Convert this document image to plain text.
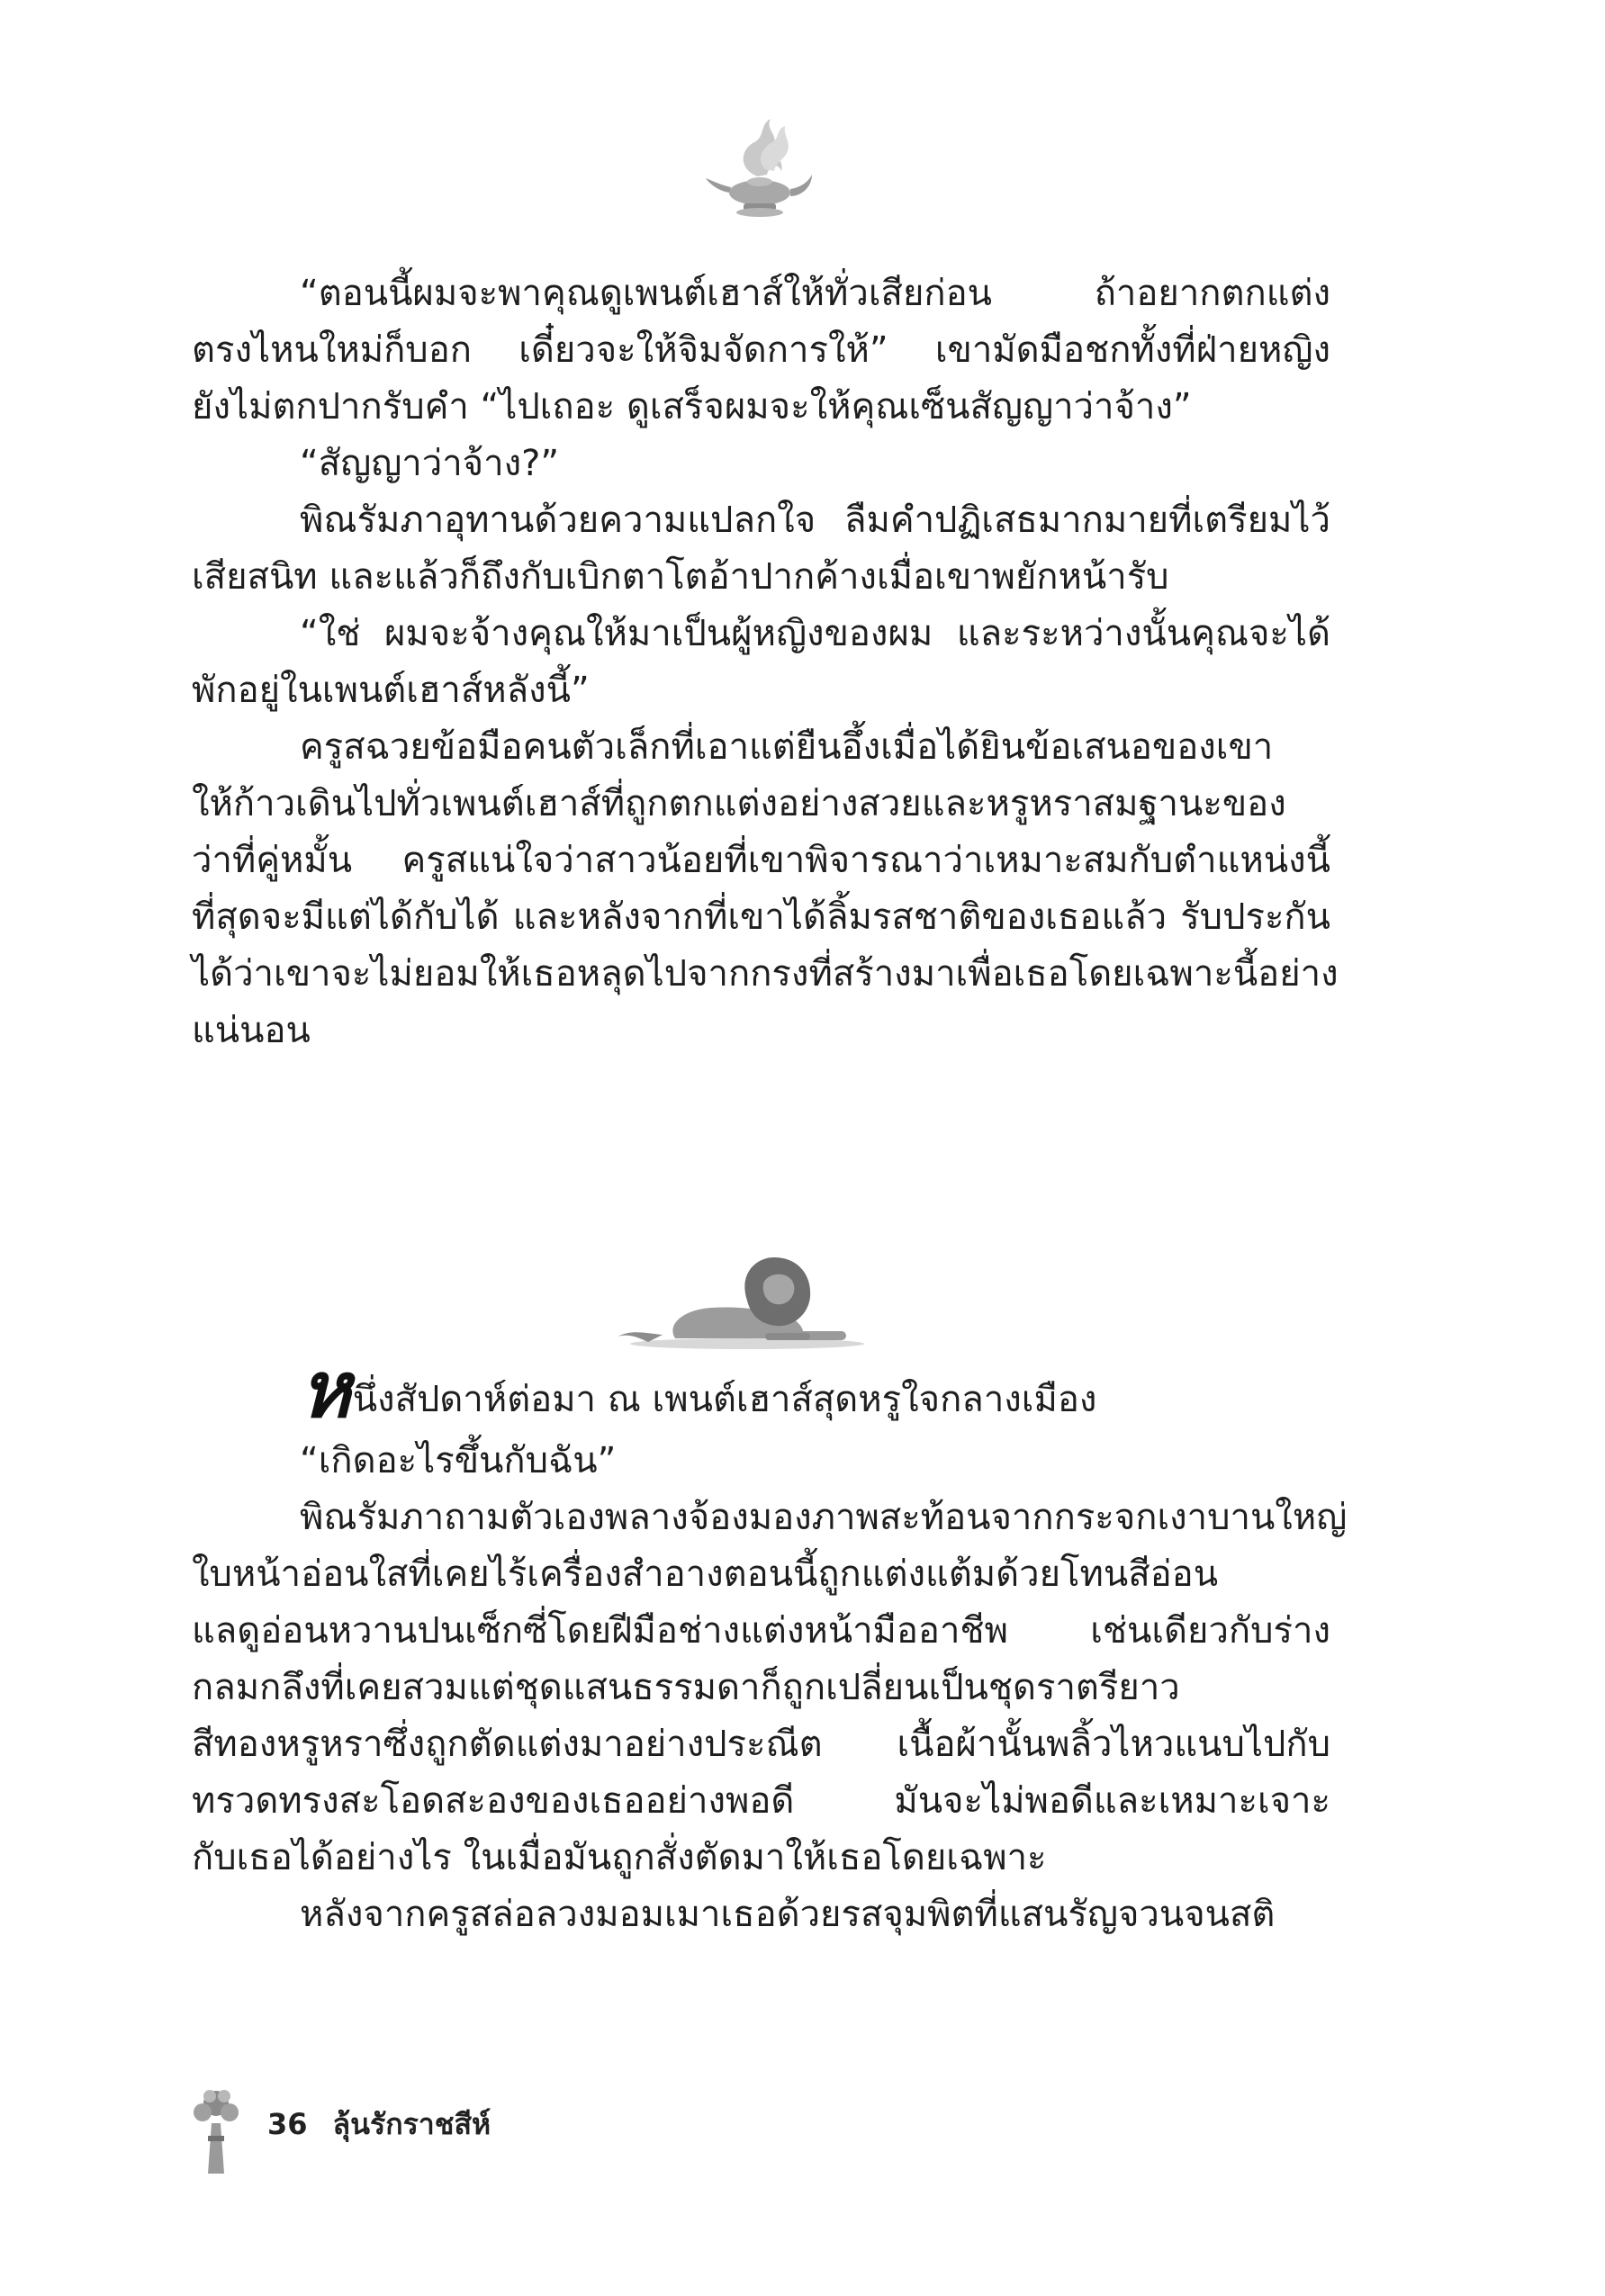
“ตอนนี้ผมจะพาคุณดูเพนต์เฮาส์ให้ทั่วเสียก่อน ถ้าอยากตกแต่ง
ตรงไหนใหม่ก็บอก เดี๋ยวจะให้จิมจัดการให้” เขามัดมือชกทั้งที่ฝ่ายหญิง
ยังไม่ตกปากรับคำ “ไปเถอะ ดูเสร็จผมจะให้คุณเซ็นสัญญาว่าจ้าง”
“สัญญาว่าจ้าง?”
พิณรัมภาอุทานด้วยความแปลกใจ ลืมคำปฏิเสธมากมายที่เตรียมไว้
เสียสนิท และแล้วก็ถึงกับเบิกตาโตอ้าปากค้างเมื่อเขาพยักหน้ารับ
“ใช่ ผมจะจ้างคุณให้มาเป็นผู้หญิงของผม และระหว่างนั้นคุณจะได้
พักอยู่ในเพนต์เฮาส์หลังนี้”
ครูสฉวยข้อมือคนตัวเล็กที่เอาแต่ยืนอึ้งเมื่อได้ยินข้อเสนอของเขา
ให้ก้าวเดินไปทั่วเพนต์เฮาส์ที่ถูกตกแต่งอย่างสวยและหรูหราสมฐานะของ
ว่าที่คู่หมั้น ครูสแน่ใจว่าสาวน้อยที่เขาพิจารณาว่าเหมาะสมกับตำแหน่งนี้
ที่สุดจะมีแต่ได้กับได้ และหลังจากที่เขาได้ลิ้มรสชาติของเธอแล้ว รับประกัน
ได้ว่าเขาจะไม่ยอมให้เธอหลุดไปจากกรงที่สร้างมาเพื่อเธอโดยเฉพาะนี้อย่าง
แน่นอน
หนึ่งสัปดาห์ต่อมา ณ เพนต์เฮาส์สุดหรูใจกลางเมือง
“เกิดอะไรขึ้นกับฉัน”
พิณรัมภาถามตัวเองพลางจ้องมองภาพสะท้อนจากกระจกเงาบานใหญ่
ใบหน้าอ่อนใสที่เคยไร้เครื่องสำอางตอนนี้ถูกแต่งแต้มด้วยโทนสีอ่อน
แลดูอ่อนหวานปนเซ็กซี่โดยฝีมือช่างแต่งหน้ามืออาชีพ เช่นเดียวกับร่าง
กลมกลึงที่เคยสวมแต่ชุดแสนธรรมดาก็ถูกเปลี่ยนเป็นชุดราตรียาว
สีทองหรูหราซึ่งถูกตัดแต่งมาอย่างประณีต เนื้อผ้านั้นพลิ้วไหวแนบไปกับ
ทรวดทรงสะโอดสะองของเธออย่างพอดี มันจะไม่พอดีและเหมาะเจาะ
กับเธอได้อย่างไร ในเมื่อมันถูกสั่งตัดมาให้เธอโดยเฉพาะ
หลังจากครูสล่อลวงมอมเมาเธอด้วยรสจุมพิตที่แสนรัญจวนจนสติ
36 ลุ้นรักราชสีห์
